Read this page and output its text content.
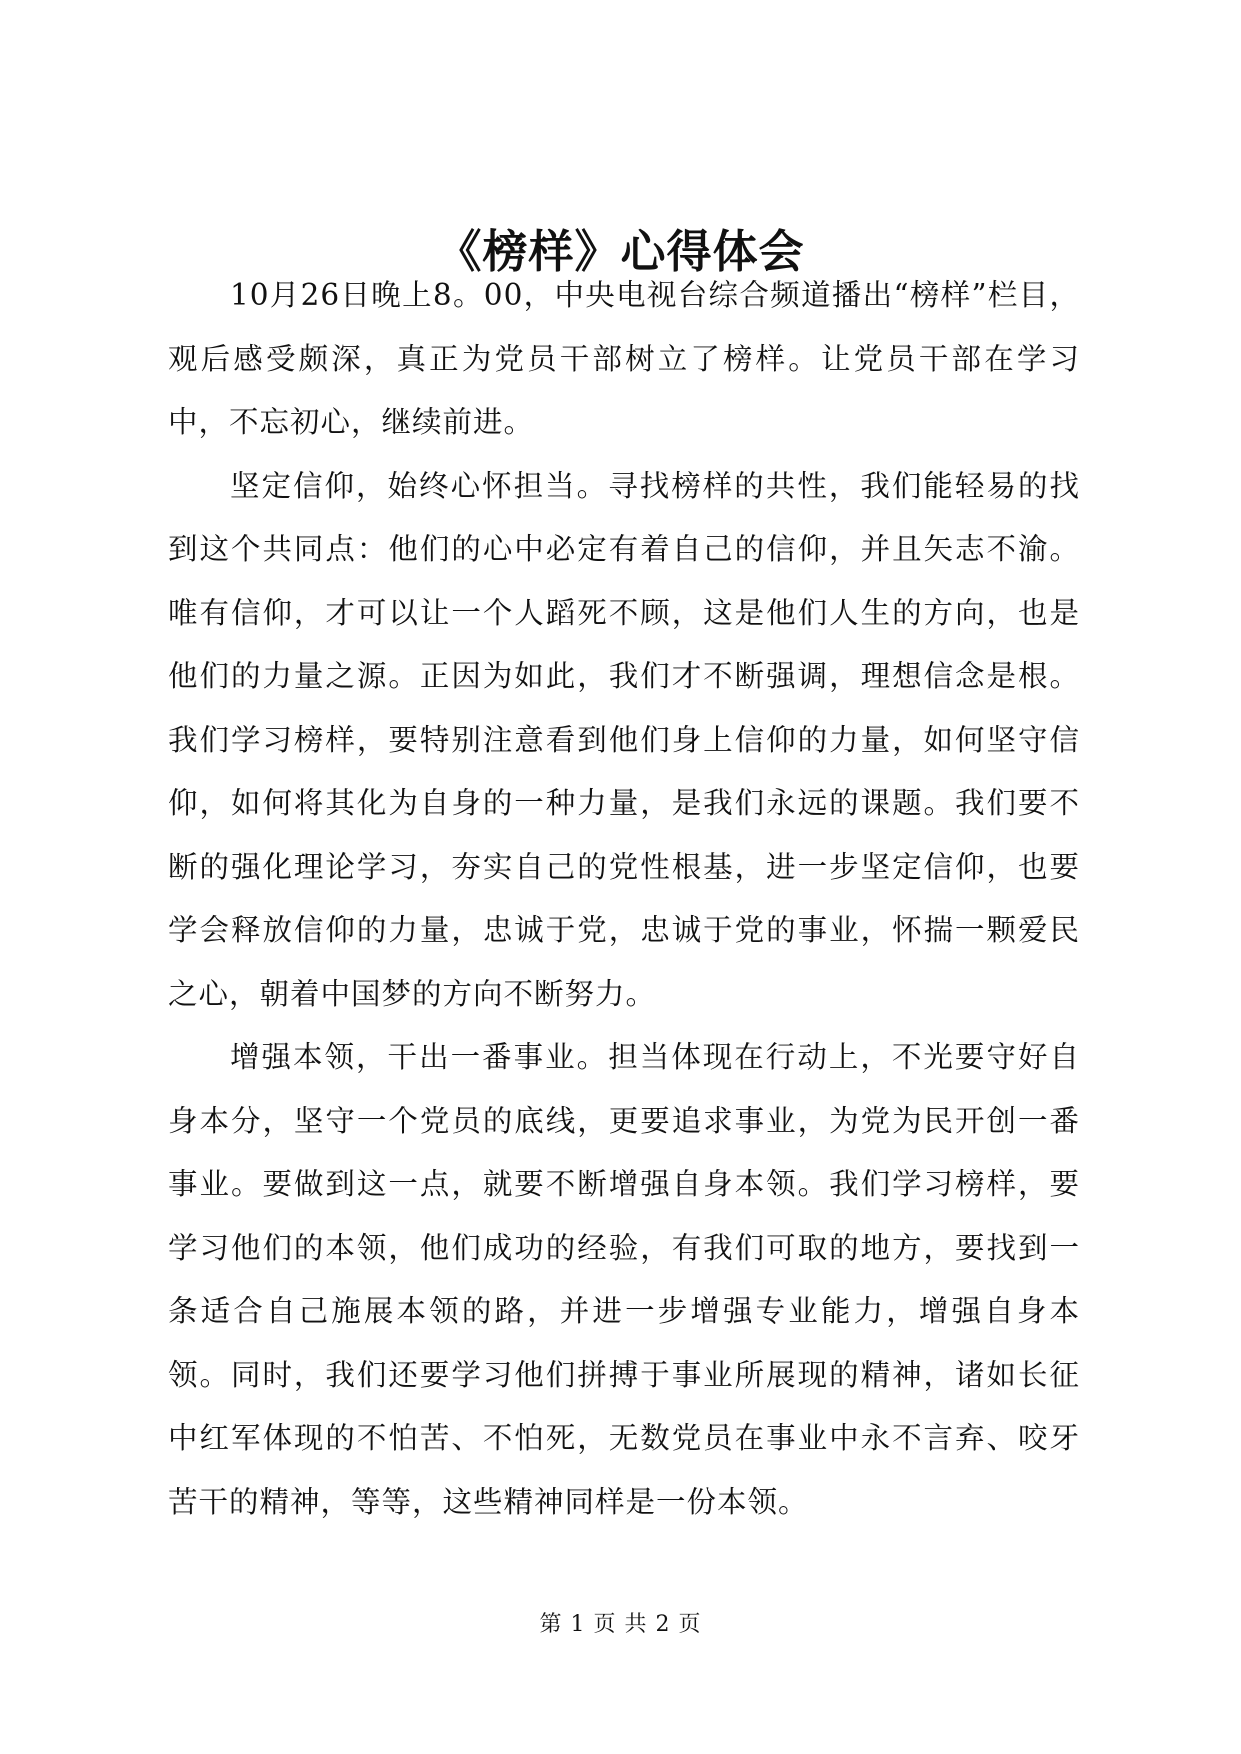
《榜样》心得体会

10月26日晚上8。00，中央电视台综合频道播出“榜样”栏目，观后感受颇深，真正为党员干部树立了榜样。让党员干部在学习中，不忘初心，继续前进。

坚定信仰，始终心怀担当。寻找榜样的共性，我们能轻易的找到这个共同点：他们的心中必定有着自己的信仰，并且矢志不渝。唯有信仰，才可以让一个人蹈死不顾，这是他们人生的方向，也是他们的力量之源。正因为如此，我们才不断强调，理想信念是根。我们学习榜样，要特别注意看到他们身上信仰的力量，如何坚守信仰，如何将其化为自身的一种力量，是我们永远的课题。我们要不断的强化理论学习，夯实自己的党性根基，进一步坚定信仰，也要学会释放信仰的力量，忠诚于党，忠诚于党的事业，怀揣一颗爱民之心，朝着中国梦的方向不断努力。

增强本领，干出一番事业。担当体现在行动上，不光要守好自身本分，坚守一个党员的底线，更要追求事业，为党为民开创一番事业。要做到这一点，就要不断增强自身本领。我们学习榜样，要学习他们的本领，他们成功的经验，有我们可取的地方，要找到一条适合自己施展本领的路，并进一步增强专业能力，增强自身本领。同时，我们还要学习他们拼搏于事业所展现的精神，诸如长征中红军体现的不怕苦、不怕死，无数党员在事业中永不言弃、咬牙苦干的精神，等等，这些精神同样是一份本领。

第 1 页 共 2 页
